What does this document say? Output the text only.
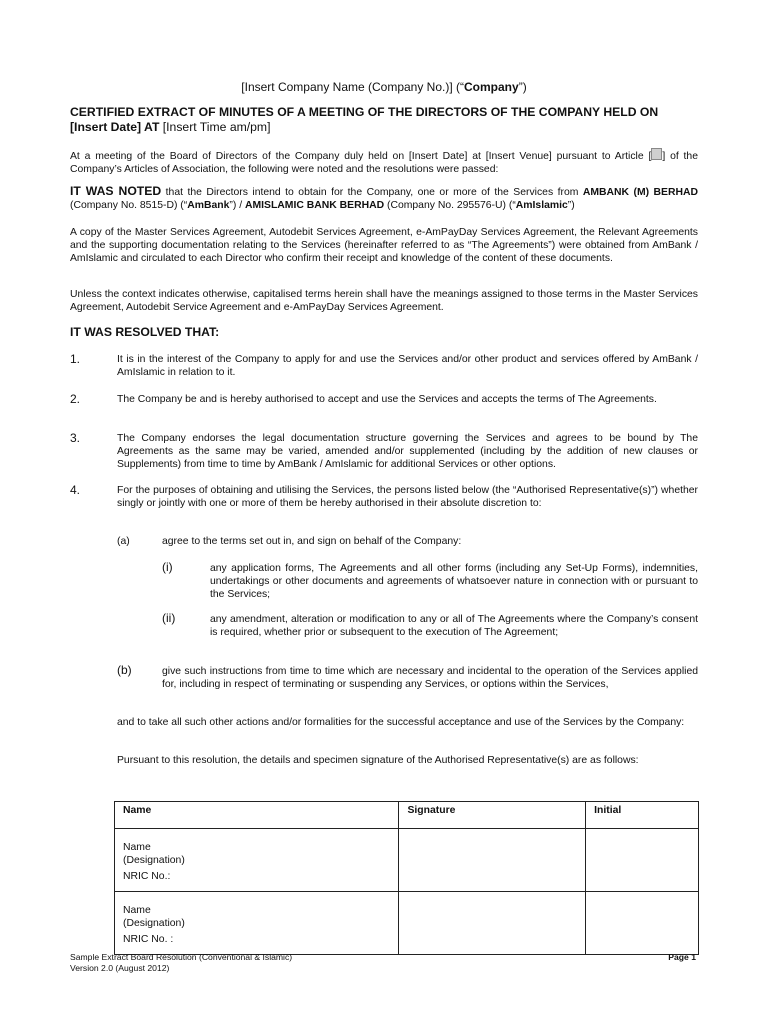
[Insert Company Name (Company No.)] (“Company”)
CERTIFIED EXTRACT OF MINUTES OF A MEETING OF THE DIRECTORS OF THE COMPANY HELD ON
[Insert Date] AT [Insert Time am/pm]
At a meeting of the Board of Directors of the Company duly held on [Insert Date] at [Insert Venue] pursuant to Article [ ] of the Company’s Articles of Association, the following were noted and the resolutions were passed:
IT WAS NOTED that the Directors intend to obtain for the Company, one or more of the Services from AMBANK (M) BERHAD (Company No. 8515-D) (“AmBank”) / AMISLAMIC BANK BERHAD (Company No. 295576-U) (“AmIslamic”)
A copy of the Master Services Agreement, Autodebit Services Agreement, e-AmPayDay Services Agreement, the Relevant Agreements and the supporting documentation relating to the Services (hereinafter referred to as “The Agreements”) were obtained from AmBank / AmIslamic and circulated to each Director who confirm their receipt and knowledge of the content of these documents.
Unless the context indicates otherwise, capitalised terms herein shall have the meanings assigned to those terms in the Master Services Agreement, Autodebit Service Agreement and e-AmPayDay Services Agreement.
IT WAS RESOLVED THAT:
1.	It is in the interest of the Company to apply for and use the Services and/or other product and services offered by AmBank / AmIslamic in relation to it.
2.	The Company be and is hereby authorised to accept and use the Services and accepts the terms of The Agreements.
3.	The Company endorses the legal documentation structure governing the Services and agrees to be bound by The Agreements as the same may be varied, amended and/or supplemented (including by the addition of new clauses or Supplements) from time to time by AmBank / AmIslamic for additional Services or other options.
4.	For the purposes of obtaining and utilising the Services, the persons listed below (the “Authorised Representative(s)”) whether singly or jointly with one or more of them be hereby authorised in their absolute discretion to:
(a)	agree to the terms set out in, and sign on behalf of the Company:
(i)	any application forms, The Agreements and all other forms (including any Set-Up Forms), indemnities, undertakings or other documents and agreements of whatsoever nature in connection with or pursuant to the Services;
(ii)	any amendment, alteration or modification to any or all of The Agreements where the Company’s consent is required, whether prior or subsequent to the execution of The Agreement;
(b)	give such instructions from time to time which are necessary and incidental to the operation of the Services applied for, including in respect of terminating or suspending any Services, or options within the Services,
and to take all such other actions and/or formalities for the successful acceptance and use of the Services by the Company:
Pursuant to this resolution, the details and specimen signature of the Authorised Representative(s) are as follows:
Name	Signature	Initial

Name
(Designation)
NRIC No.:		

Name
(Designation)
NRIC No. :		

Sample Extract Board Resolution (Conventional & Islamic)
Version 2.0 (August 2012)
Page 1
